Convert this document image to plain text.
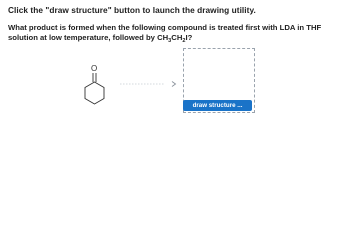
Click the "draw structure" button to launch the drawing utility.

What product is formed when the following compound is treated first with LDA in THF solution at low temperature, followed by $CH_3CH_2I$?

O
draw structure ...
